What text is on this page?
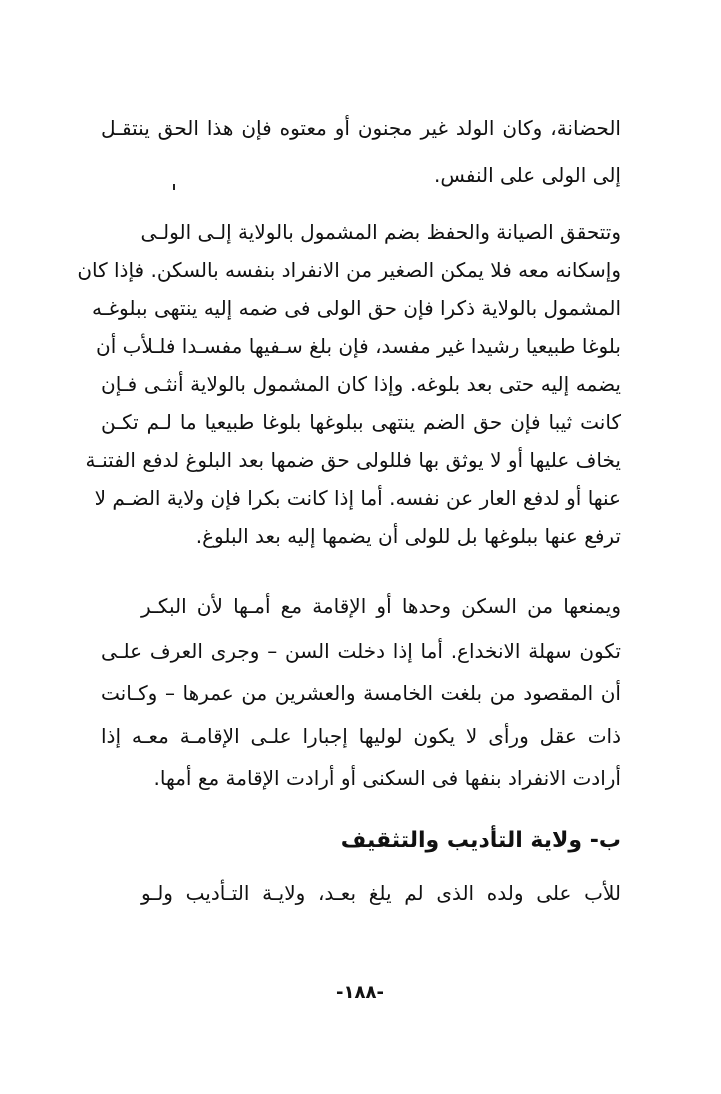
الحضانة، وكان الولد غير مجنون أو معتوه فإن هذا الحق ينتقـل

إلى الولى على النفس.

وتتحقق الصيانة والحفظ بضم المشمول بالولاية إلـى الولـى

وإسكانه معه فلا يمكن الصغير من الانفراد بنفسه بالسكن. فإذا كان

المشمول بالولاية ذكرا فإن حق الولى فى ضمه إليه ينتهى ببلوغـه

بلوغا طبيعيا رشيدا غير مفسد، فإن بلغ سـفيها مفسـدا فلـلأب أن

يضمه إليه حتى بعد بلوغه. وإذا كان المشمول بالولاية أنثـى فـإن

كانت ثيبا فإن حق الضم ينتهى ببلوغها بلوغا طبيعيا ما لـم تكـن

يخاف عليها أو لا يوثق بها فللولى حق ضمها بعد البلوغ لدفع الفتنـة

عنها أو لدفع العار عن نفسه. أما إذا كانت بكرا فإن ولاية الضـم لا

ترفع عنها ببلوغها بل للولى أن يضمها إليه بعد البلوغ.

ويمنعها من السكن وحدها أو الإقامة مع أمـها لأن البكـر

تكون سهلة الانخداع. أما إذا دخلت السن – وجرى العرف علـى

أن المقصود من بلغت الخامسة والعشرين من عمرها – وكـانت

ذات عقل ورأى لا يكون لوليها إجبارا علـى الإقامـة معـه إذا

أرادت الانفراد بنفها فى السكنى أو أرادت الإقامة مع أمها.

ب- ولاية التأديب والتثقيف

للأب على ولده الذى لم يلغ بعـد، ولايـة التـأديب ولـو

-١٨٨-
